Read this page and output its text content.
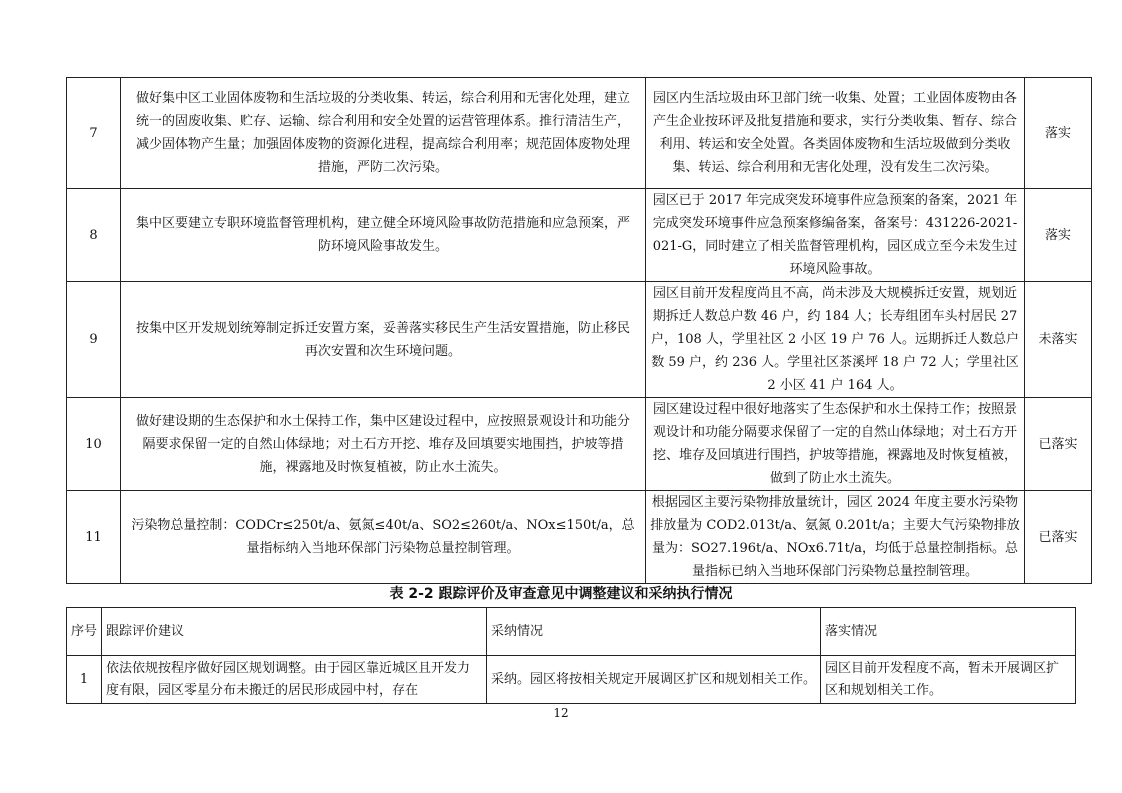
7	做好集中区工业固体废物和生活垃圾的分类收集、转运，综合利用和无害化处理，建立统一的固废收集、贮存、运输、综合利用和安全处置的运营管理体系。推行清洁生产，减少固体物产生量；加强固体废物的资源化进程，提高综合利用率；规范固体废物处理措施，严防二次污染。	园区内生活垃圾由环卫部门统一收集、处置；工业固体废物由各产生企业按环评及批复措施和要求，实行分类收集、暂存、综合利用、转运和安全处置。各类固体废物和生活垃圾做到分类收集、转运、综合利用和无害化处理，没有发生二次污染。	落实
8	集中区要建立专职环境监督管理机构，建立健全环境风险事故防范措施和应急预案，严防环境风险事故发生。	园区已于 2017 年完成突发环境事件应急预案的备案，2021 年完成突发环境事件应急预案修编备案，备案号：431226-2021-021-G，同时建立了相关监督管理机构，园区成立至今未发生过环境风险事故。	落实
9	按集中区开发规划统筹制定拆迁安置方案，妥善落实移民生产生活安置措施，防止移民再次安置和次生环境问题。	园区目前开发程度尚且不高，尚未涉及大规模拆迁安置，规划近期拆迁人数总户数 46 户，约 184 人；长寿组团车头村居民 27 户，108 人，学里社区 2 小区 19 户 76 人。远期拆迁人数总户数 59 户，约 236 人。学里社区茶溪坪 18 户 72 人；学里社区 2 小区 41 户 164 人。	未落实
10	做好建设期的生态保护和水土保持工作，集中区建设过程中，应按照景观设计和功能分隔要求保留一定的自然山体绿地；对土石方开挖、堆存及回填要实地围挡，护坡等措施，裸露地及时恢复植被，防止水土流失。	园区建设过程中很好地落实了生态保护和水土保持工作；按照景观设计和功能分隔要求保留了一定的自然山体绿地；对土石方开挖、堆存及回填进行围挡，护坡等措施，裸露地及时恢复植被，做到了防止水土流失。	已落实
11	污染物总量控制：CODCr≤250t/a、氨氮≤40t/a、SO2≤260t/a、NOx≤150t/a，总量指标纳入当地环保部门污染物总量控制管理。	根据园区主要污染物排放量统计，园区 2024 年度主要水污染物排放量为 COD2.013t/a、氨氮 0.201t/a；主要大气污染物排放量为：SO27.196t/a、NOx6.71t/a，均低于总量控制指标。总量指标已纳入当地环保部门污染物总量控制管理。	已落实
表 2-2 跟踪评价及审查意见中调整建议和采纳执行情况
序号	跟踪评价建议	采纳情况	落实情况
1	依法依规按程序做好园区规划调整。由于园区靠近城区且开发力度有限，园区零星分布未搬迁的居民形成园中村，存在	采纳。园区将按相关规定开展调区扩区和规划相关工作。	园区目前开发程度不高，暂未开展调区扩区和规划相关工作。
12
